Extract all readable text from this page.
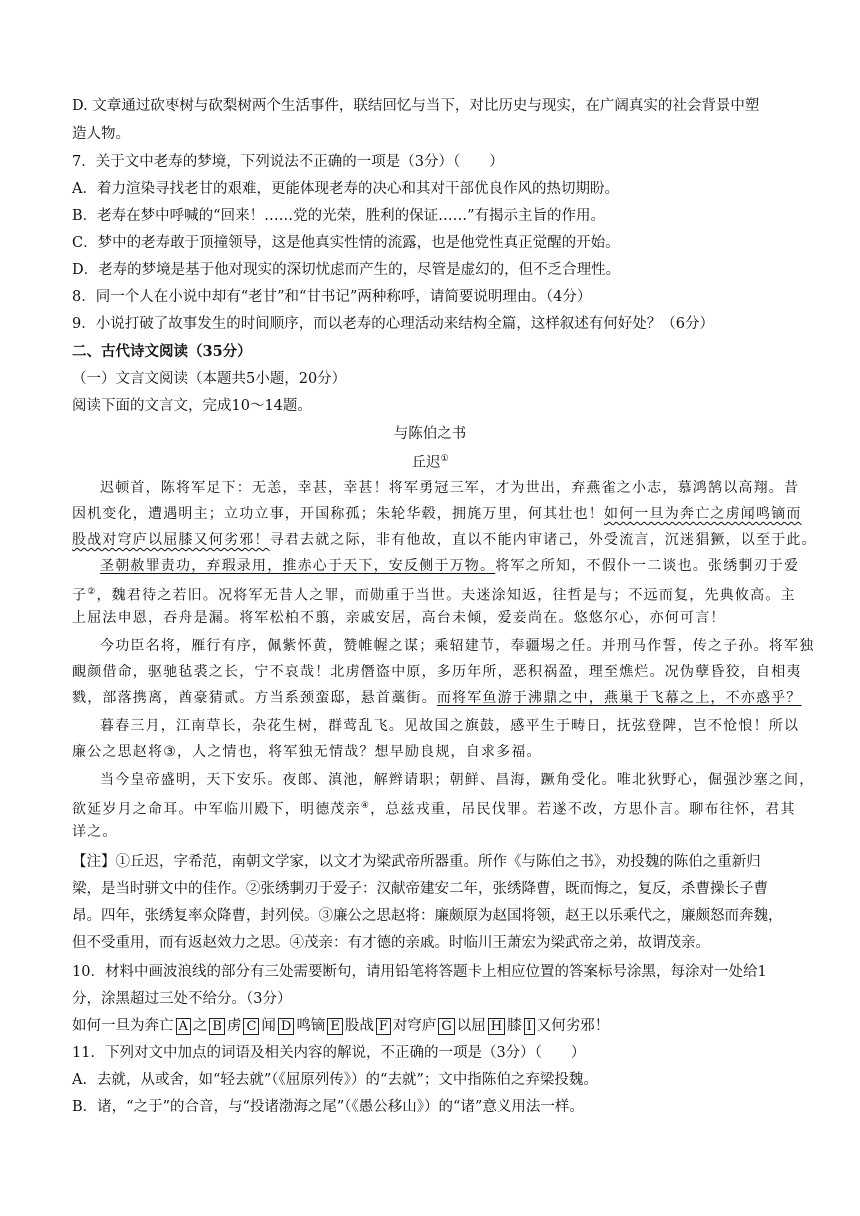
D. 文章通过砍枣树与砍梨树两个生活事件，联结回忆与当下，对比历史与现实，在广阔真实的社会背景中塑
造人物。
7．关于文中老寿的梦境，下列说法不正确的一项是（3分）（　　）
A．着力渲染寻找老甘的艰难，更能体现老寿的决心和其对干部优良作风的热切期盼。
B．老寿在梦中呼喊的“回来！……党的光荣，胜利的保证……”有揭示主旨的作用。
C．梦中的老寿敢于顶撞领导，这是他真实性情的流露，也是他党性真正觉醒的开始。
D．老寿的梦境是基于他对现实的深切忧虑而产生的，尽管是虚幻的，但不乏合理性。
8．同一个人在小说中却有“老甘”和“甘书记”两种称呼，请简要说明理由。（4分）
9．小说打破了故事发生的时间顺序，而以老寿的心理活动来结构全篇，这样叙述有何好处？（6分）
二、古代诗文阅读（35分）
（一）文言文阅读（本题共5小题，20分）
阅读下面的文言文，完成10～14题。
与陈伯之书
丘迟①
迟顿首，陈将军足下：无恙，幸甚，幸甚！将军勇冠三军，才为世出，弃燕雀之小志，慕鸿鹄以高翔。昔
因机变化，遭遇明主；立功立事，开国称孤；朱轮华毂，拥旄万里，何其壮也！如何一旦为奔亡之虏闻鸣镝而
股战对穹庐以屈膝又何劣邪！寻君去就之际，非有他故，直以不能内审诸己，外受流言，沉迷猖獗，以至于此。
圣朝赦罪责功，弃瑕录用，推赤心于天下，安反侧于万物。将军之所知，不假仆一二谈也。张绣剚刃于爱
子②，魏君待之若旧。况将军无昔人之罪，而勋重于当世。夫迷涂知返，往哲是与；不远而复，先典攸高。主
上屈法申恩，吞舟是漏。将军松柏不翦，亲戚安居，高台未倾，爱妾尚在。悠悠尔心，亦何可言！
今功臣名将，雁行有序，佩紫怀黄，赞帷幄之谋；乘轺建节，奉疆埸之任。并刑马作誓，传之子孙。将军独
靦颜借命，驱驰毡裘之长，宁不哀哉！北虏僭盗中原，多历年所，恶积祸盈，理至燋烂。况伪孽昏狡，自相夷
戮，部落携离，酋豪猜贰。方当系颈蛮邸，悬首藁街。而将军鱼游于沸鼎之中，燕巢于飞幕之上，不亦惑乎？
暮春三月，江南草长，杂花生树，群莺乱飞。见故国之旗鼓，感平生于畴日，抚弦登陴，岂不怆悢！所以
廉公之思赵将③，人之情也，将军独无情哉？想早励良规，自求多福。
当今皇帝盛明，天下安乐。夜郎、滇池，解辫请职；朝鲜、昌海，蹶角受化。唯北狄野心，倔强沙塞之间，
欲延岁月之命耳。中军临川殿下，明德茂亲④，总兹戎重，吊民伐罪。若遂不改，方思仆言。聊布往怀，君其
详之。
【注】①丘迟，字希范，南朝文学家，以文才为梁武帝所器重。所作《与陈伯之书》，劝投魏的陈伯之重新归
梁，是当时骈文中的佳作。②张绣剚刃于爱子：汉献帝建安二年，张绣降曹，既而悔之，复反，杀曹操长子曹
昂。四年，张绣复率众降曹，封列侯。③廉公之思赵将：廉颇原为赵国将领，赵王以乐乘代之，廉颇怒而奔魏，
但不受重用，而有返赵效力之思。④茂亲：有才德的亲戚。时临川王萧宏为梁武帝之弟，故谓茂亲。
10．材料中画波浪线的部分有三处需要断句，请用铅笔将答题卡上相应位置的答案标号涂黑，每涂对一处给1
分，涂黑超过三处不给分。（3分）
如何一旦为奔亡 A 之 B 虏 C 闻 D 鸣镝 E 股战 F 对穹庐 G 以屈 H 膝 I 又何劣邪！
11．下列对文中加点的词语及相关内容的解说，不正确的一项是（3分）（　　）
A．去就，从或舍，如“轻去就”（《屈原列传》）的“去就”；文中指陈伯之弃梁投魏。
B．诸，“之于”的合音，与“投诸渤海之尾”（《愚公移山》）的“诸”意义用法一样。
